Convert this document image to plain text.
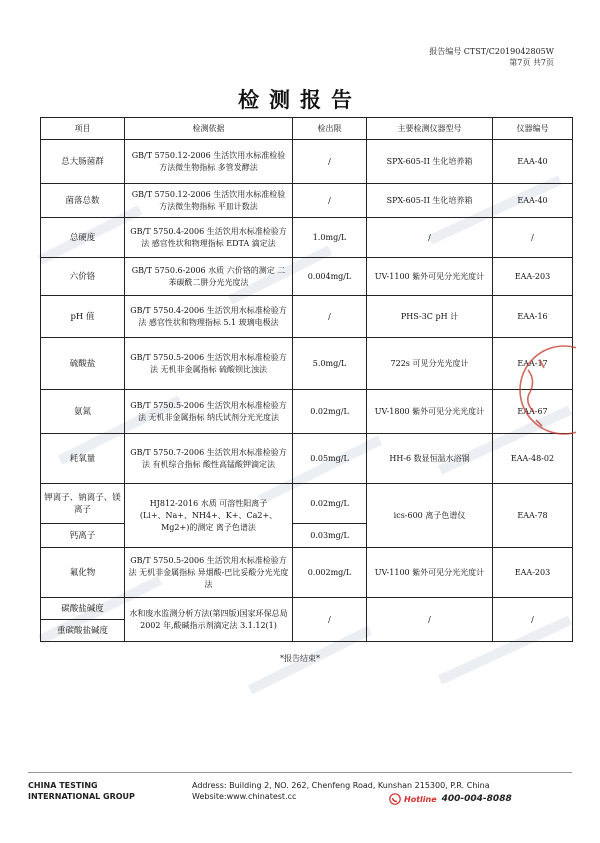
报告编号 CTST/C2019042805W
第7页 共7页
检测报告
项目	检测依据	检出限	主要检测仪器型号	仪器编号
总大肠菌群	GB/T 5750.12-2006 生活饮用水标准检验方法微生物指标 多管发酵法	/	SPX-605-II 生化培养箱	EAA-40
菌落总数	GB/T 5750.12-2006 生活饮用水标准检验方法微生物指标 平皿计数法	/	SPX-605-II 生化培养箱	EAA-40
总硬度	GB/T 5750.4-2006 生活饮用水标准检验方法 感官性状和物理指标 EDTA 滴定法	1.0mg/L	/	/
六价铬	GB/T 5750.6-2006 水质 六价铬的测定 二苯碳酰二肼分光光度法	0.004mg/L	UV-1100 紫外可见分光光度计	EAA-203
pH 值	GB/T 5750.4-2006 生活饮用水标准检验方法 感官性状和物理指标 5.1 玻璃电极法	/	PHS-3C pH 计	EAA-16
硫酸盐	GB/T 5750.5-2006 生活饮用水标准检验方法 无机非金属指标 硫酸钡比浊法	5.0mg/L	722s 可见分光光度计	EAA-17
氨氮	GB/T 5750.5-2006 生活饮用水标准检验方法 无机非金属指标 纳氏试剂分光光度法	0.02mg/L	UV-1800 紫外可见分光光度计	EAA-67
耗氧量	GB/T 5750.7-2006 生活饮用水标准检验方法 有机综合指标 酸性高锰酸钾滴定法	0.05mg/L	HH-6 数显恒温水浴锅	EAA-48-02
钾离子、钠离子、镁离子	HJ812-2016 水质 可溶性阳离子
(Li+、Na+、NH4+、K+、Ca2+、
Mg2+)的测定 离子色谱法	0.02mg/L	ics-600 离子色谱仪	EAA-78
钙离子		0.03mg/L		
氟化物	GB/T 5750.5-2006 生活饮用水标准检验方法 无机非金属指标 异烟酸-巴比妥酸分光光度法	0.002mg/L	UV-1100 紫外可见分光光度计	EAA-203
碳酸盐碱度	水和废水监测分析方法(第四版)国家环保总局 2002 年,酸碱指示剂滴定法 3.1.12(1)	/	/	/
重碳酸盐碱度				
*报告结束*
CHINA TESTING
INTERNATIONAL GROUP
Address: Building 2, NO. 262, Chenfeng Road, Kunshan 215300, P.R. China
Website:www.chinatest.cc	Hotline 400-004-8088
